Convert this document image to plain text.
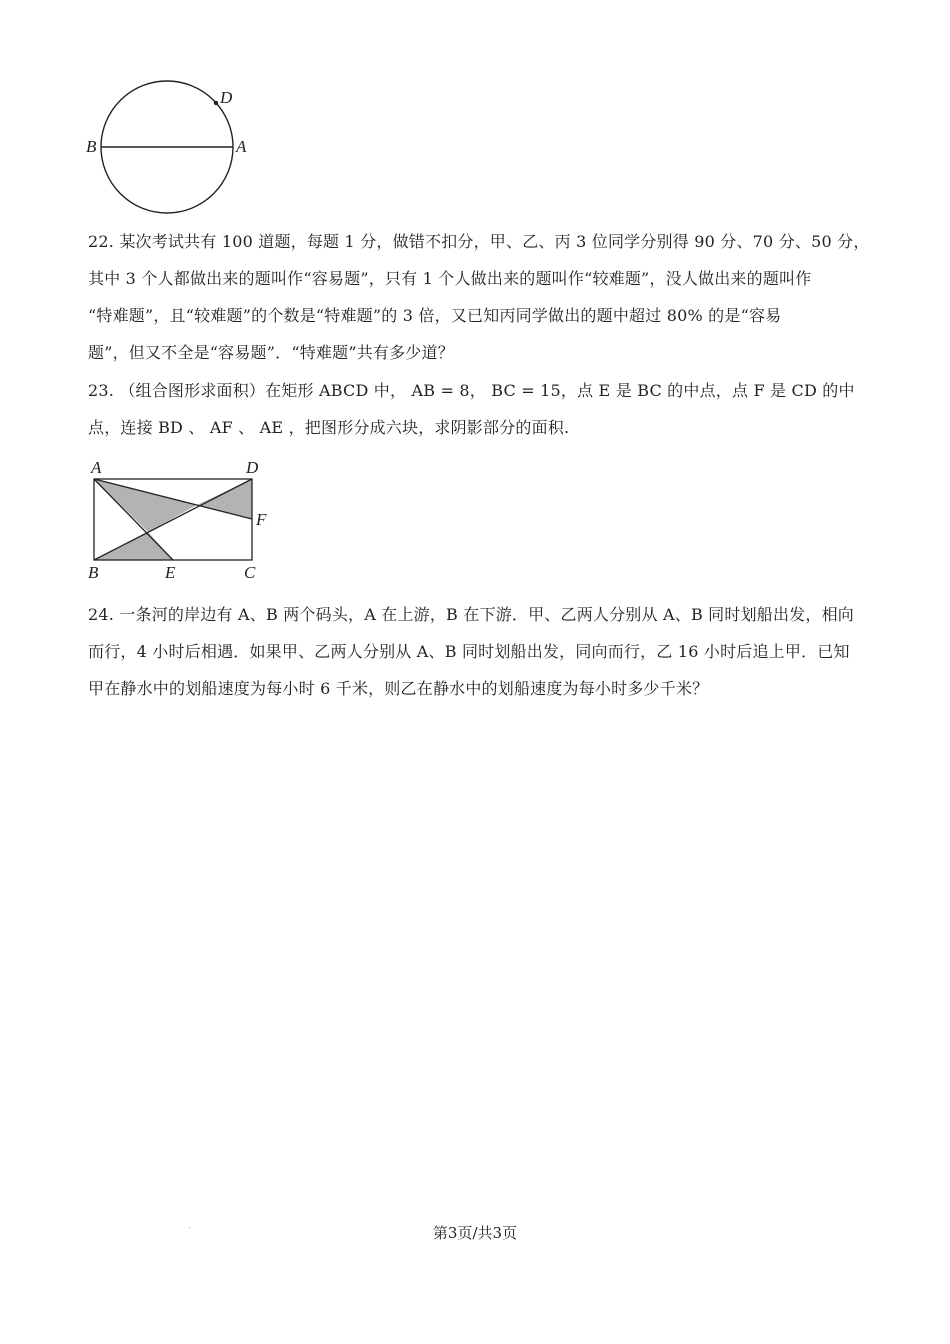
B	A
D
22. 某次考试共有 100 道题，每题 1 分，做错不扣分，甲、乙、丙 3 位同学分别得 90 分、70 分、50 分，
其中 3 个人都做出来的题叫作“容易题”，只有 1 个人做出来的题叫作“较难题”，没人做出来的题叫作
“特难题”，且“较难题”的个数是“特难题”的 3 倍，又已知丙同学做出的题中超过 80% 的是“容易
题”，但又不全是“容易题”．“特难题”共有多少道？
23. （组合图形求面积）在矩形 ABCD 中， AB = 8， BC = 15，点 E 是 BC 的中点，点 F 是 CD 的中
点，连接 BD 、 AF 、 AE ，把图形分成六块，求阴影部分的面积.
A	D
F
B	E	C
24. 一条河的岸边有 A、B 两个码头，A 在上游，B 在下游．甲、乙两人分别从 A、B 同时划船出发，相向
而行，4 小时后相遇．如果甲、乙两人分别从 A、B 同时划船出发，同向而行，乙 16 小时后追上甲．已知
甲在静水中的划船速度为每小时 6 千米，则乙在静水中的划船速度为每小时多少千米？
第3页/共3页
